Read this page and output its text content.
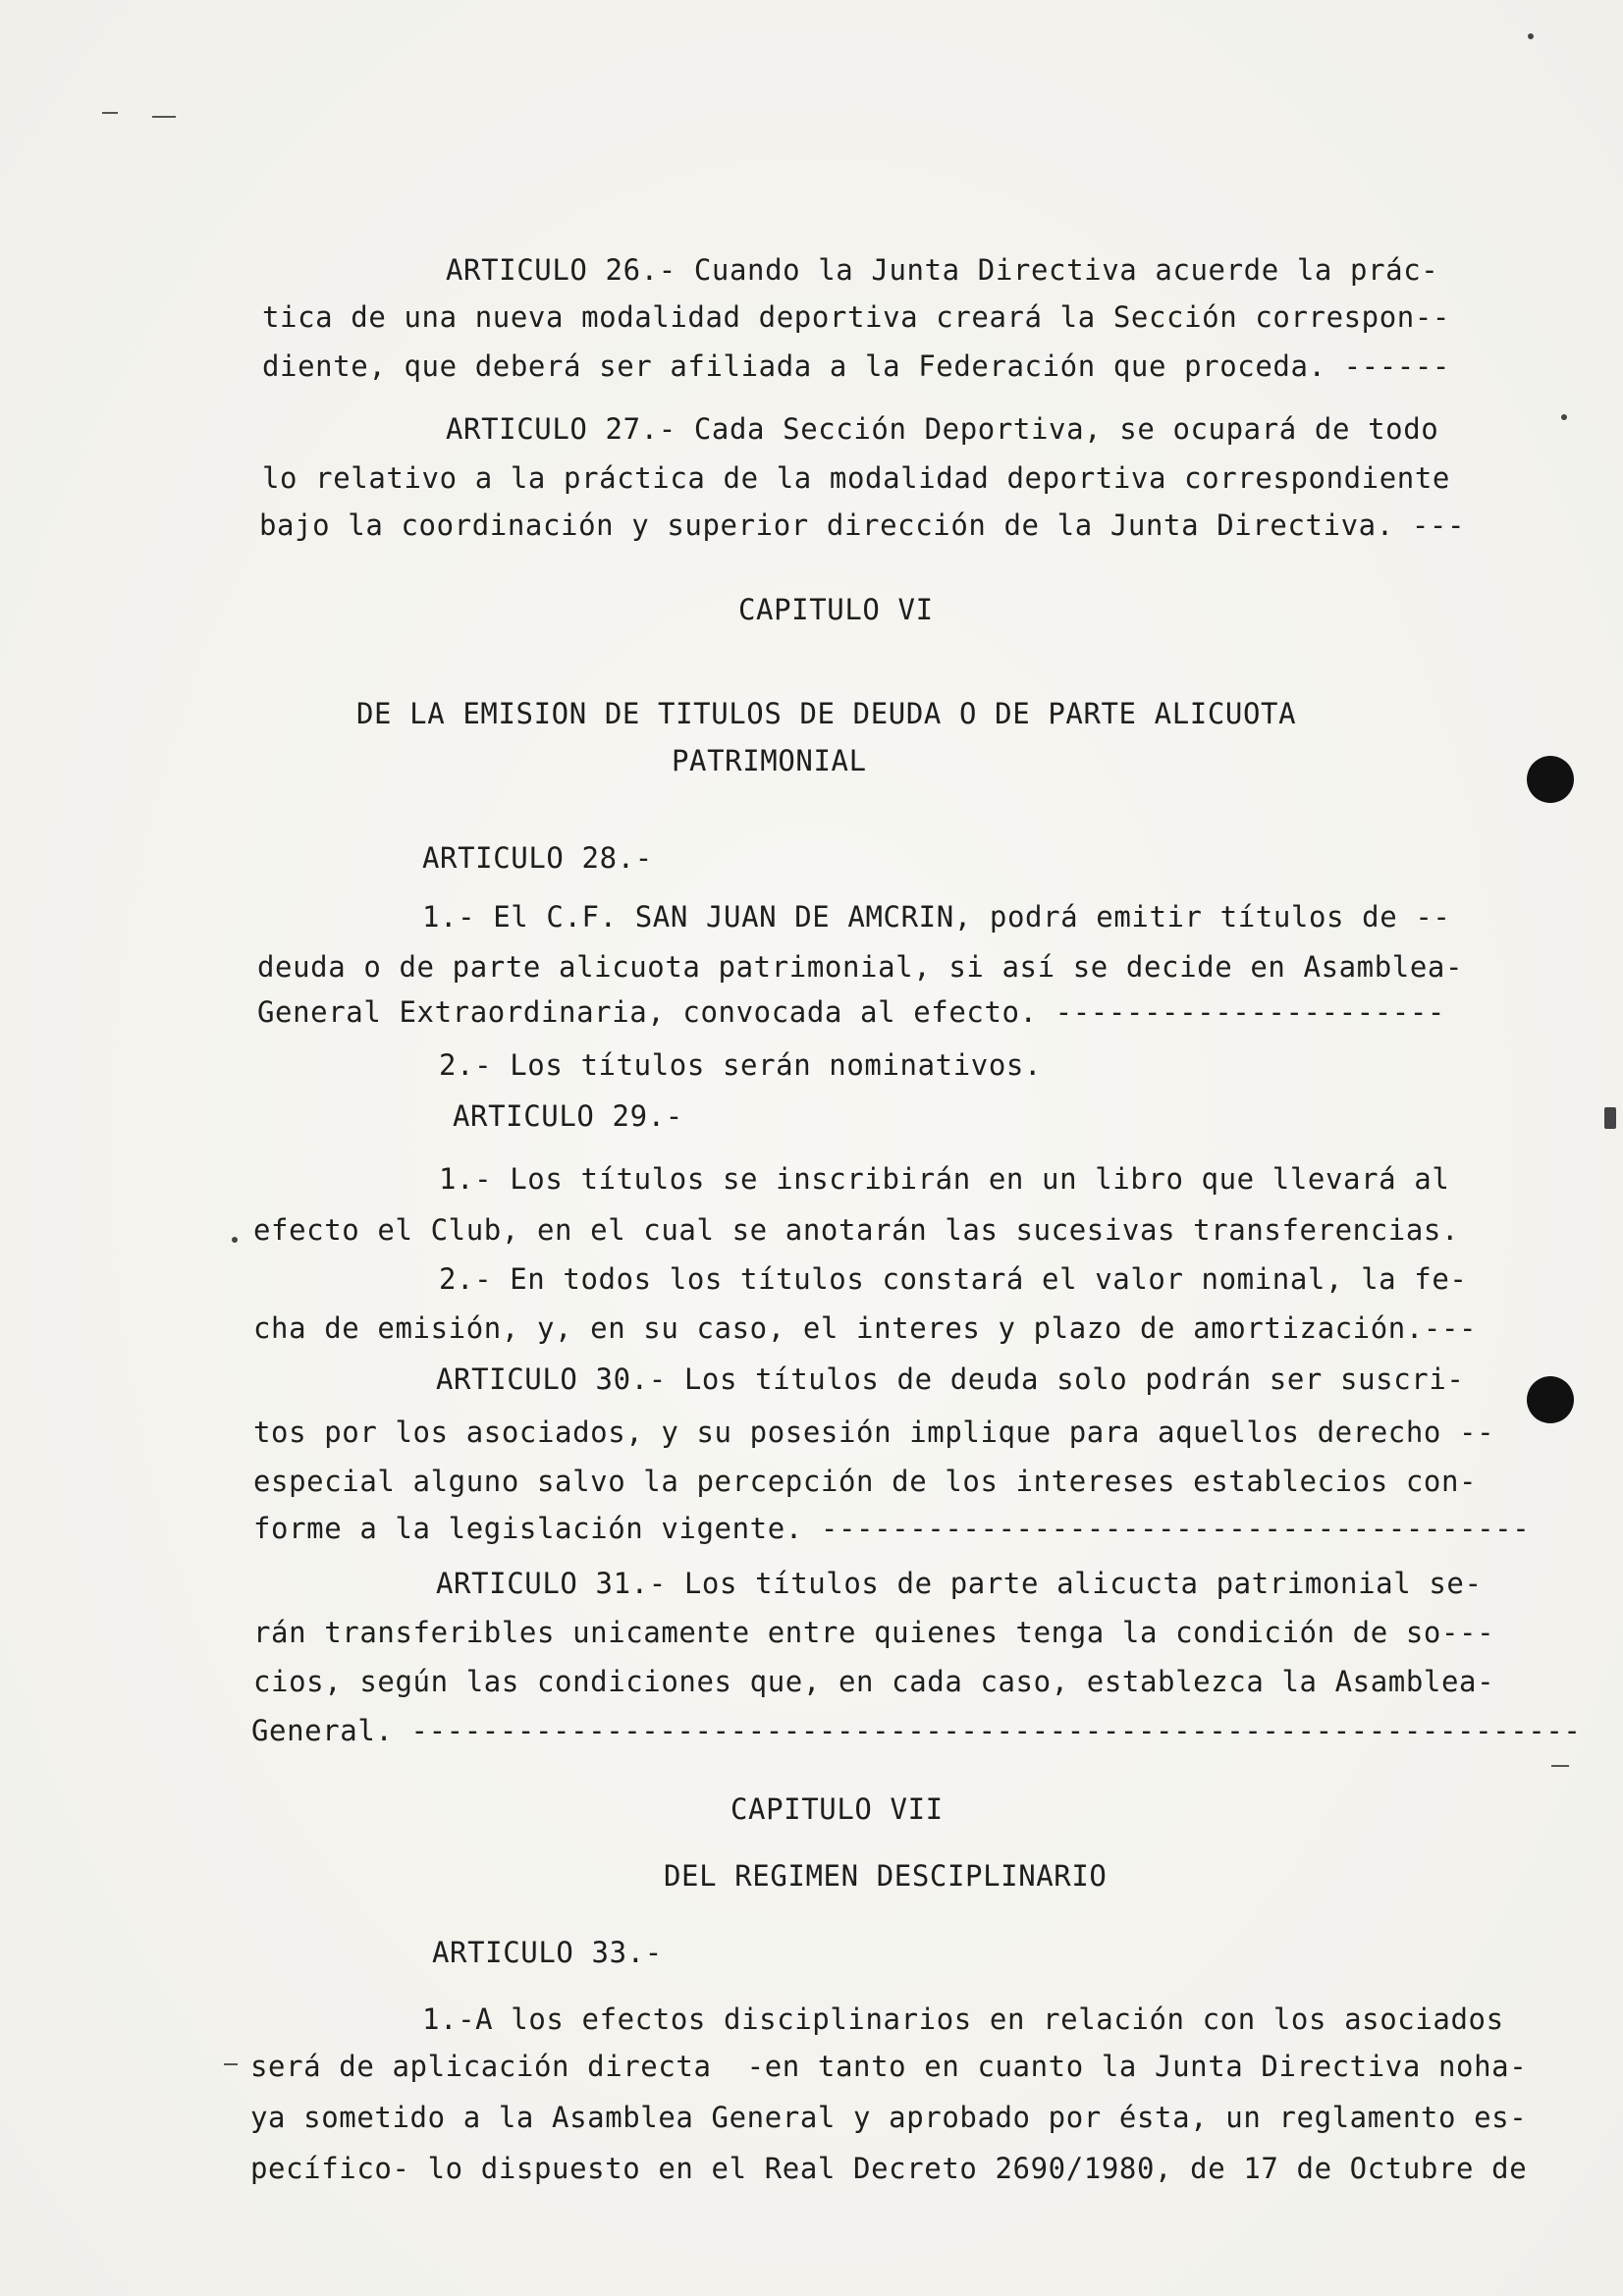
ARTICULO 26.- Cuando la Junta Directiva acuerde la prác-

tica de una nueva modalidad deportiva creará la Sección correspon--

diente, que deberá ser afiliada a la Federación que proceda. ------

ARTICULO 27.- Cada Sección Deportiva, se ocupará de todo

lo relativo a la práctica de la modalidad deportiva correspondiente

bajo la coordinación y superior dirección de la Junta Directiva. ---

CAPITULO VI

DE LA EMISION DE TITULOS DE DEUDA O DE PARTE ALICUOTA

PATRIMONIAL

ARTICULO 28.-

1.- El C.F. SAN JUAN DE AMCRIN, podrá emitir títulos de --

deuda o de parte alicuota patrimonial, si así se decide en Asamblea-

General Extraordinaria, convocada al efecto. ----------------------

2.- Los títulos serán nominativos.

ARTICULO 29.-

1.- Los títulos se inscribirán en un libro que llevará al

efecto el Club, en el cual se anotarán las sucesivas transferencias.

2.- En todos los títulos constará el valor nominal, la fe-

cha de emisión, y, en su caso, el interes y plazo de amortización.---

ARTICULO 30.- Los títulos de deuda solo podrán ser suscri-

tos por los asociados, y su posesión implique para aquellos derecho --

especial alguno salvo la percepción de los intereses establecios con-

forme a la legislación vigente. ----------------------------------------

ARTICULO 31.- Los títulos de parte alicucta patrimonial se-

rán transferibles unicamente entre quienes tenga la condición de so---

cios, según las condiciones que, en cada caso, establezca la Asamblea-

General. ------------------------------------------------------------------

CAPITULO VII

DEL REGIMEN DESCIPLINARIO

ARTICULO 33.-

1.-A los efectos disciplinarios en relación con los asociados

será de aplicación directa  -en tanto en cuanto la Junta Directiva noha-

ya sometido a la Asamblea General y aprobado por ésta, un reglamento es-

pecífico- lo dispuesto en el Real Decreto 2690/1980, de 17 de Octubre de
